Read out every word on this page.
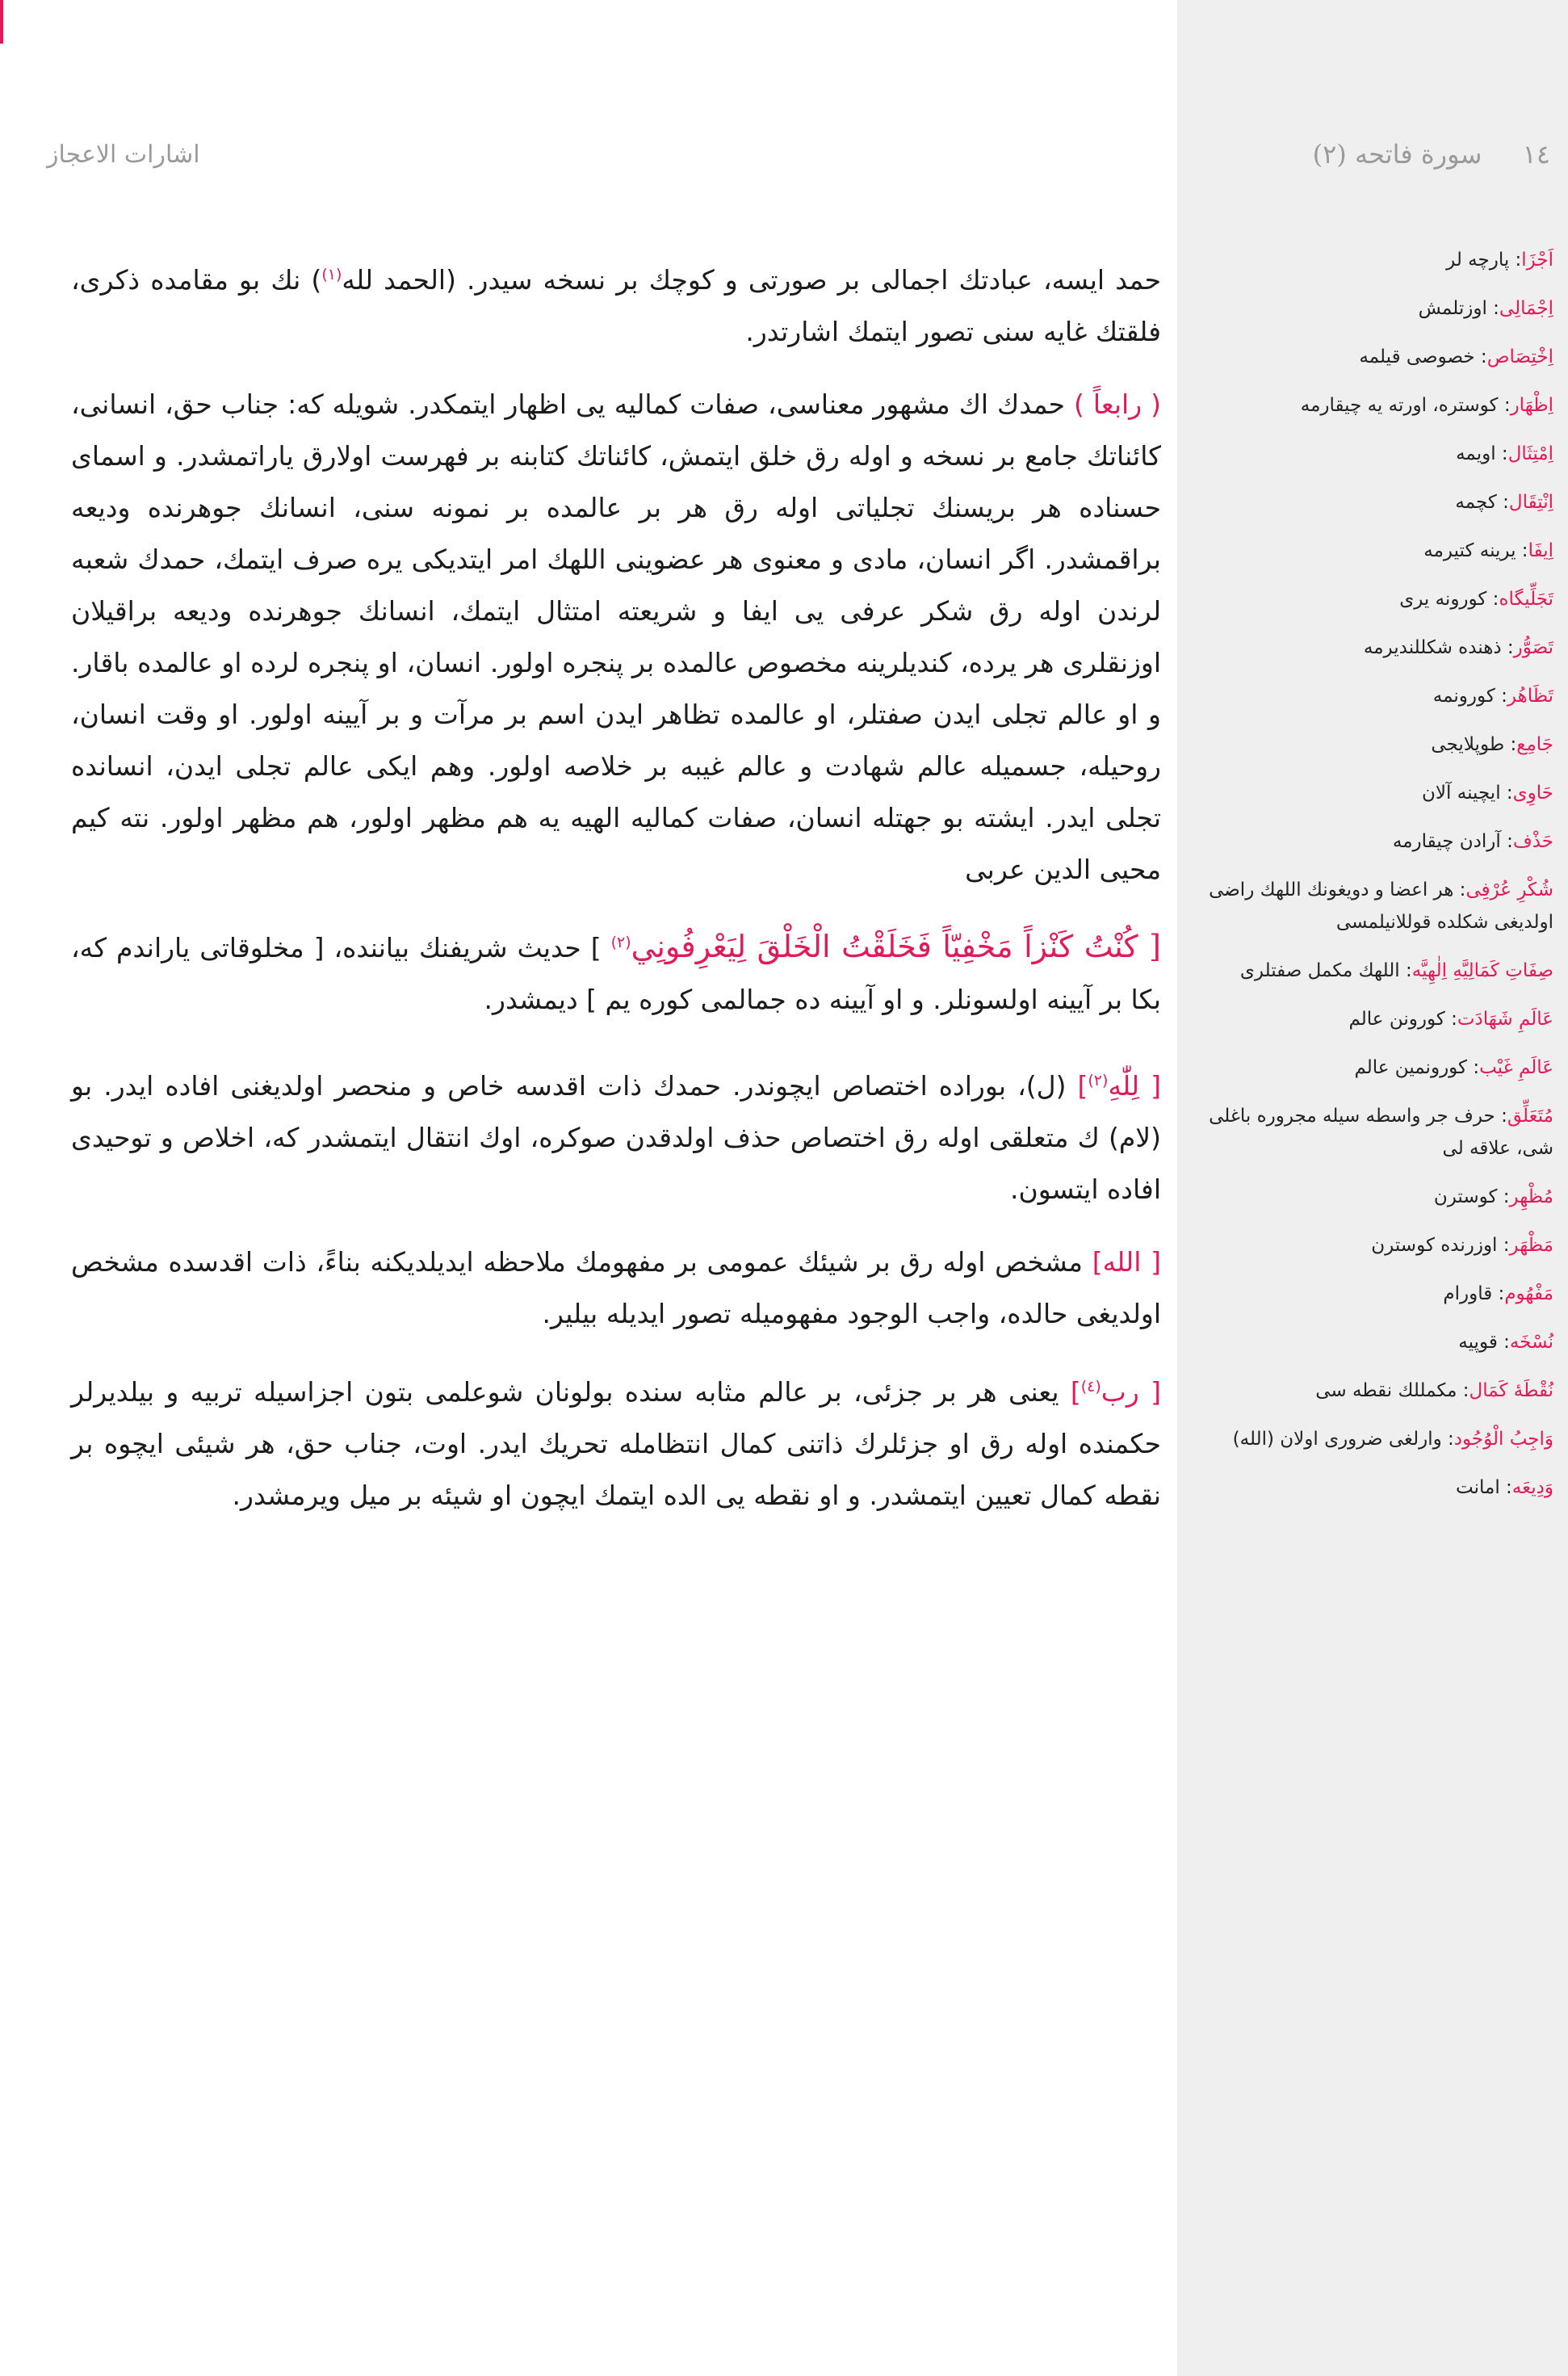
اشارات الاعجاز	١٤ سورة فاتحه (٢)

حمد ایسه، عبادتك اجمالی بر صورتی و كوچك بر نسخه سیدر. (الحمد لله$^{(١)}$) نك بو مقامده ذكری، فلقتك غایه سنی تصور ایتمك اشارتدر.

( رابعاً ) حمدك اك مشهور معناسی، صفات كمالیه یی اظهار ایتمكدر. شویله كه: جناب حق، انسانی، كائناتك جامع بر نسخه و اوله رق خلق ایتمش، كائناتك كتابنه بر فهرست اولارق یاراتمشدر. و اسمای حسناده هر بریسنك تجلیاتی اوله رق هر بر عالمده بر نمونه سنی، انسانك جوهرنده ودیعه براقمشدر. اگر انسان، مادی و معنوی هر عضوینی اللهك امر ایتدیكی یره صرف ایتمك، حمدك شعبه لرندن اوله رق شكر عرفی یی ایفا و شریعته امتثال ایتمك، انسانك جوهرنده ودیعه براقیلان اوزنقلری هر یرده، كندیلرینه مخصوص عالمده بر پنجره اولور. انسان، او پنجره لرده او عالمده باقار. و او عالم تجلی ایدن صفتلر، او عالمده تظاهر ایدن اسم بر مرآت و بر آیینه اولور. او وقت انسان، روحیله، جسمیله عالم شهادت و عالم غیبه بر خلاصه اولور. وهم ایكی عالم تجلی ایدن، انسانده تجلی ایدر. ایشته بو جهتله انسان، صفات كمالیه الهیه یه هم مظهر اولور، هم مظهر اولور. نته كیم محیی الدین عربی

[ كُنْتُ كَنْزاً مَخْفِيّاً فَخَلَقْتُ الْخَلْقَ لِيَعْرِفُونِي$^{(٢)}$ ] حدیث شریفنك بیاننده، [ مخلوقاتی یاراندم كه، بكا بر آیینه اولسونلر. و او آیینه ده جمالمی كوره یم ] دیمشدر.

[ لِلّٰهِ$^{(٢)}$] (ل)، بوراده اختصاص ایچوندر. حمدك ذات اقدسه خاص و منحصر اولدیغنی افاده ایدر. بو (لام) ك متعلقی اوله رق اختصاص حذف اولدقدن صوكره، اوك انتقال ایتمشدر كه، اخلاص و توحیدی افاده ایتسون.

[ الله] مشخص اوله رق بر شیئك عمومی بر مفهومك ملاحظه ایدیلدیكنه بناءً، ذات اقدسده مشخص اولدیغی حالده، واجب الوجود مفهومیله تصور ایدیله بیلیر.

[ رب$^{(٤)}$] یعنی هر بر جزئی، بر عالم مثابه سنده بولونان شوعلمی بتون اجزاسیله تربیه و بیلدیرلر حكمنده اوله رق او جزئلرك ذاتنی كمال انتظامله تحریك ایدر. اوت، جناب حق، هر شیئی ایچوه بر نقطه كمال تعیین ایتمشدر. و او نقطه یی الده ایتمك ایچون او شیئه بر میل ویرمشدر.

اَجْزَا: پارچه لر
اِجْمَالِی: اوزتلمش
اِخْتِصَاص: خصوصی قیلمه
اِظْهَار: كوستره، اورته یه چیقارمه
اِمْتِثَال: اویمه
اِنْتِقَال: كچمه
اِیفَا: یرینه كتیرمه
تَجَلِّیگاه: كورونه یری
تَصَوُّر: ذهنده شكللندیرمه
تَظَاهُر: كورونمه
جَامِع: طوپلایجی
حَاوِی: ایچینه آلان
حَذْف: آرادن چیقارمه
شُكْرِ عُرْفِی: هر اعضا و دویغونك اللهك راضی اولدیغی شكلده قوللانیلمسی
صِفَاتِ كَمَالِیَّهِ اِلٰهِیَّه: اللهك مكمل صفتلری
عَالَمِ شَهَادَت: كورونن عالم
عَالَمِ غَیْب: كورونمین عالم
مُتَعَلِّق: حرف جر واسطه سیله مجروره باغلی شی، علاقه لی
مُظْهِر: كوسترن
مَظْهَر: اوزرنده كوسترن
مَفْهُوم: قاورام
نُسْخَه: قوپیه
نُقْطَهٔ كَمَال: مكمللك نقطه سی
وَاجِبُ الْوُجُود: وارلغی ضروری اولان (الله)
وَدِیعَه: امانت
